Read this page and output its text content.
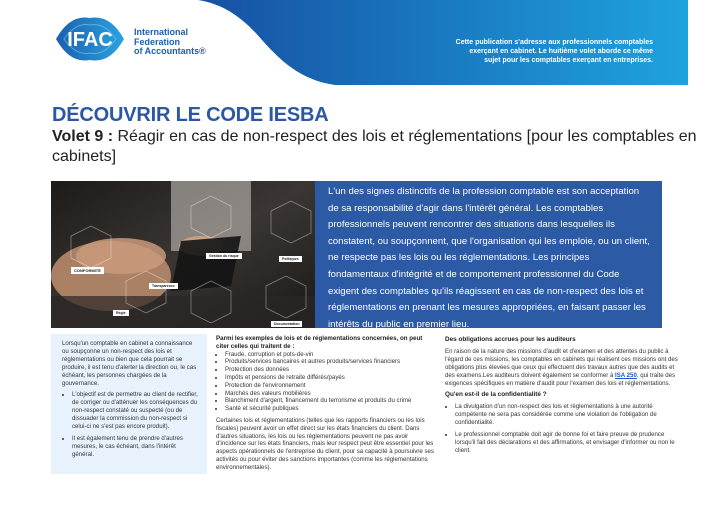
IFAC International
Federation
of Accountants®
Cette publication s'adresse aux professionnels comptables exerçant en cabinet. Le huitième volet aborde ce même sujet pour les comptables exerçant en entreprises.
DÉCOUVRIR LE CODE IESBA
Volet 9 : Réagir en cas de non-respect des lois et réglementations [pour les comptables en cabinets]
CONFORMITÉ
Gestion du risque
Politiques
Transparence
Règle
Documentation
L'un des signes distinctifs de la profession comptable est son acceptation de sa responsabilité d'agir dans l'intérêt général. Les comptables professionnels peuvent rencontrer des situations dans lesquelles ils constatent, ou soupçonnent, que l'organisation qui les emploie, ou un client, ne respecte pas les lois ou les réglementations. Les principes fondamentaux d'intégrité et de comportement professionnel du Code exigent des comptables qu'ils réagissent en cas de non-respect des lois et réglementations en prenant les mesures appropriées, en faisant passer les intérêts du public en premier lieu.
Lorsqu'un comptable en cabinet a connaissance ou soupçonne un non-respect des lois et réglementations ou bien que cela pourrait se produire, il est tenu d'alerter la direction ou, le cas échéant, les personnes chargées de la gouvernance.
• L'objectif est de permettre au client de rectifier, de corriger ou d'atténuer les conséquences du non-respect constaté ou suspecté (ou de dissuader la commission du non-respect si celui-ci ne s'est pas encore produit).
• Il est également tenu de prendre d'autres mesures, le cas échéant, dans l'intérêt général.
Parmi les exemples de lois et de réglementations concernées, on peut citer celles qui traitent de :
• Fraude, corruption et pots-de-vin
• Produits/services bancaires et autres produits/services financiers
• Protection des données
• Impôts et pensions de retraite différés/payés
• Protection de l'environnement
• Marchés des valeurs mobilières
• Blanchiment d'argent, financement du terrorisme et produits du crime
• Santé et sécurité publiques

Certaines lois et réglementations (telles que les rapports financiers ou les lois fiscales) peuvent avoir un effet direct sur les états financiers du client. Dans d'autres situations, les lois ou les réglementations peuvent ne pas avoir d'incidence sur les états financiers, mais leur respect peut être essentiel pour les aspects opérationnels de l'entreprise du client, pour sa capacité à poursuivre ses activités ou pour éviter des sanctions importantes (comme les réglementations environnementales).

Des obligations accrues pour les auditeurs

En raison de la nature des missions d'audit et d'examen et des attentes du public à l'égard de ces missions, les comptables en cabinets qui réalisent ces missions ont des obligations plus élevées que ceux qui effectuent des travaux autres que des audits et des examens.Les auditeurs doivent également se conformer à ISA 250, qui traite des exigences spécifiques en matière d'audit pour l'examen des lois et réglementations.

Qu'en est-il de la confidentialité ?
• La divulgation d'un non-respect des lois et réglementations à une autorité compétente ne sera pas considérée comme une violation de l'obligation de confidentialité.
• Le professionnel comptable doit agir de bonne foi et faire preuve de prudence lorsqu'il fait des déclarations et des affirmations, et envisager d'informer ou non le client.
